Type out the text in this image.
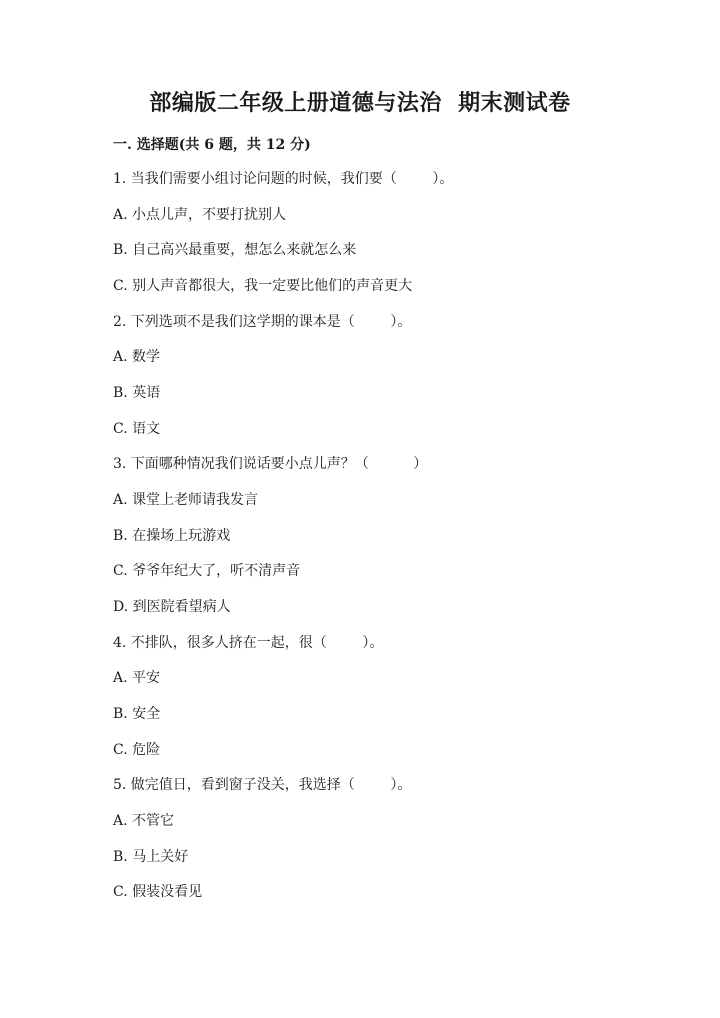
部编版二年级上册道德与法治  期末测试卷
一. 选择题(共 6 题，共 12 分)
1. 当我们需要小组讨论问题的时候，我们要（        ）。
A. 小点儿声，不要打扰别人
B. 自己高兴最重要，想怎么来就怎么来
C. 别人声音都很大，我一定要比他们的声音更大
2. 下列选项不是我们这学期的课本是（        ）。
A. 数学
B. 英语
C. 语文
3. 下面哪种情况我们说话要小点儿声？（          ）
A. 课堂上老师请我发言
B. 在操场上玩游戏
C. 爷爷年纪大了，听不清声音
D. 到医院看望病人
4. 不排队，很多人挤在一起，很（        ）。
A. 平安
B. 安全
C. 危险
5. 做完值日，看到窗子没关，我选择（        ）。
A. 不管它
B. 马上关好
C. 假装没看见
